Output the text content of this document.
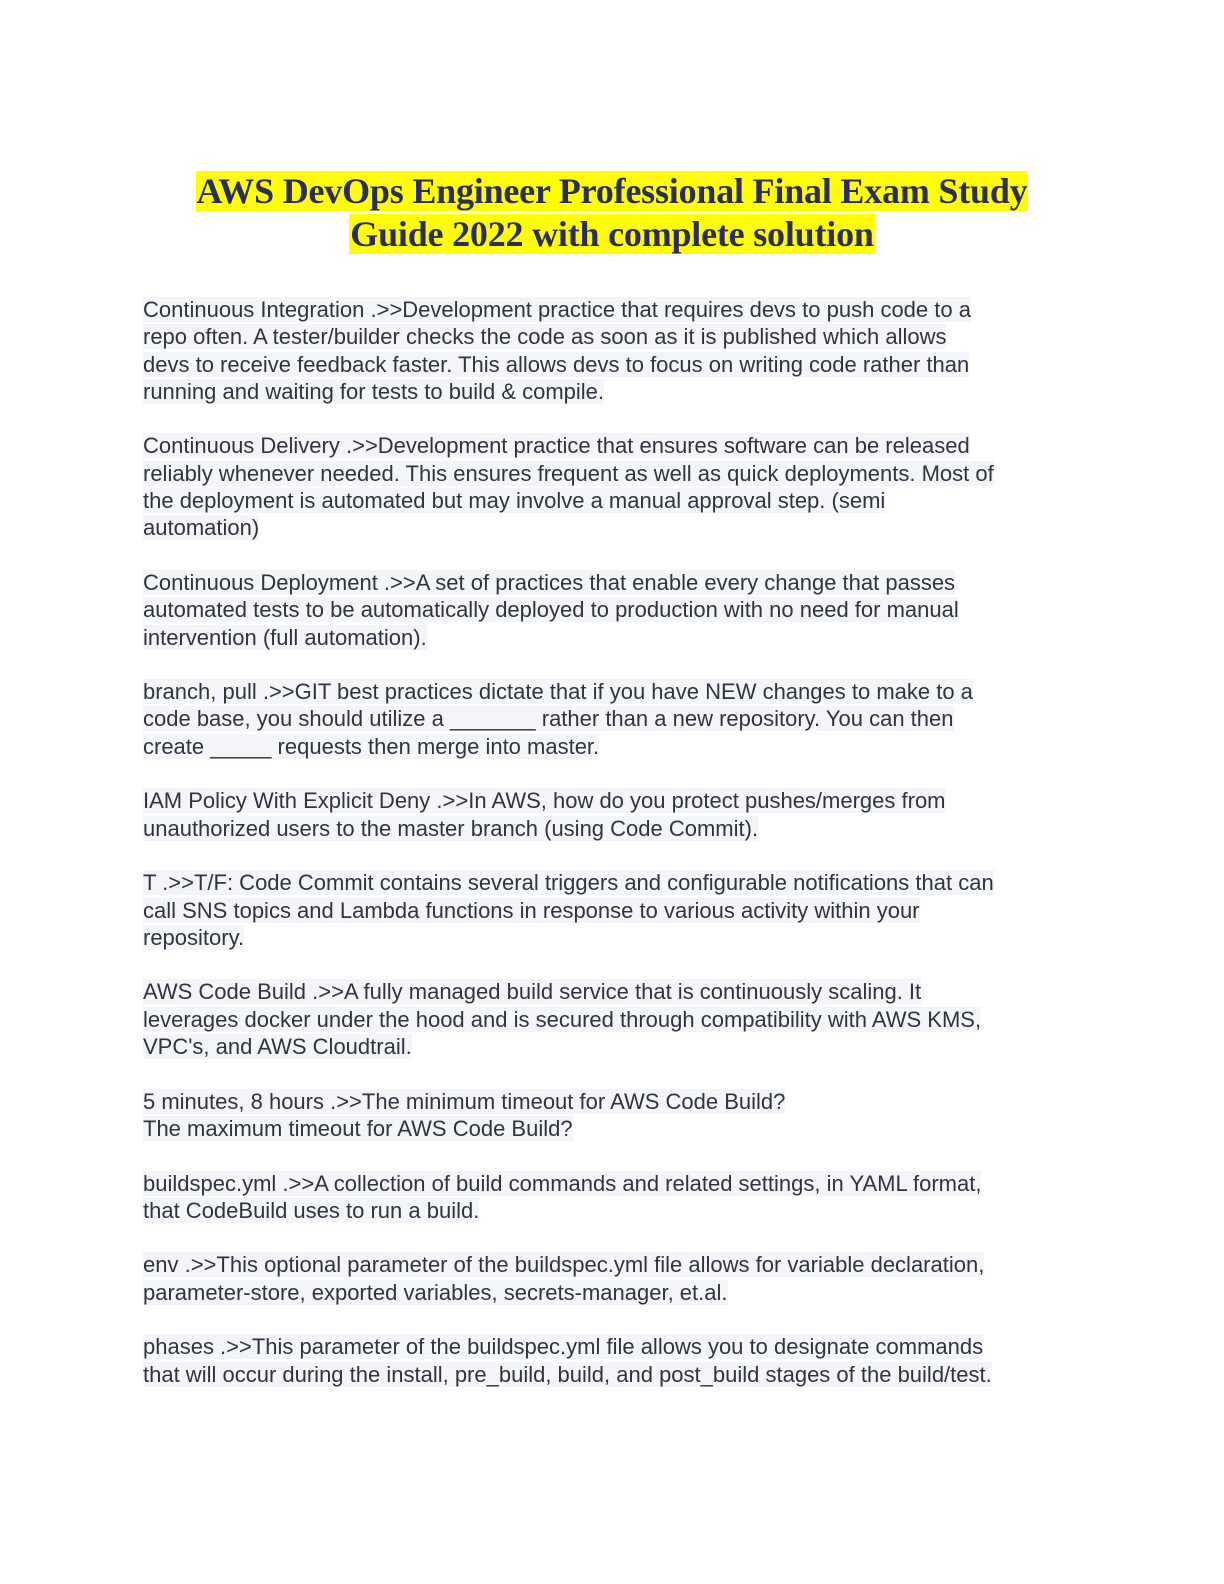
AWS DevOps Engineer Professional Final Exam Study
Guide 2022 with complete solution
Continuous Integration .>>Development practice that requires devs to push code to a
repo often. A tester/builder checks the code as soon as it is published which allows
devs to receive feedback faster. This allows devs to focus on writing code rather than
running and waiting for tests to build & compile.
Continuous Delivery .>>Development practice that ensures software can be released
reliably whenever needed. This ensures frequent as well as quick deployments. Most of
the deployment is automated but may involve a manual approval step. (semi
automation)
Continuous Deployment .>>A set of practices that enable every change that passes
automated tests to be automatically deployed to production with no need for manual
intervention (full automation).
branch, pull .>>GIT best practices dictate that if you have NEW changes to make to a
code base, you should utilize a _______ rather than a new repository. You can then
create _____ requests then merge into master.
IAM Policy With Explicit Deny .>>In AWS, how do you protect pushes/merges from
unauthorized users to the master branch (using Code Commit).
T .>>T/F: Code Commit contains several triggers and configurable notifications that can
call SNS topics and Lambda functions in response to various activity within your
repository.
AWS Code Build .>>A fully managed build service that is continuously scaling. It
leverages docker under the hood and is secured through compatibility with AWS KMS,
VPC's, and AWS Cloudtrail.
5 minutes, 8 hours .>>The minimum timeout for AWS Code Build?
The maximum timeout for AWS Code Build?
buildspec.yml .>>A collection of build commands and related settings, in YAML format,
that CodeBuild uses to run a build.
env .>>This optional parameter of the buildspec.yml file allows for variable declaration,
parameter-store, exported variables, secrets-manager, et.al.
phases .>>This parameter of the buildspec.yml file allows you to designate commands
that will occur during the install, pre_build, build, and post_build stages of the build/test.
